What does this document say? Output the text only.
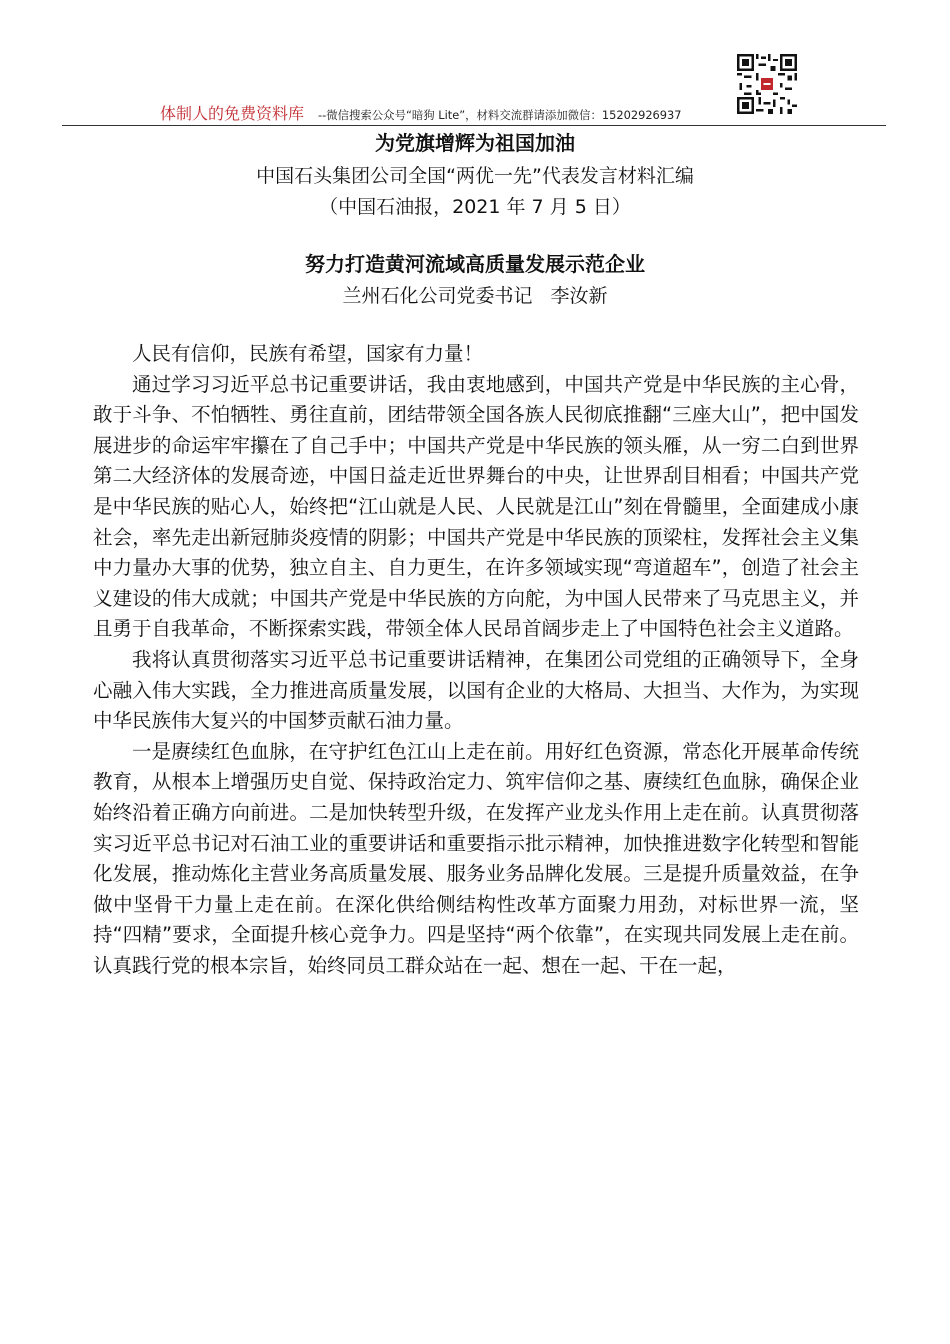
体制人的免费资料库 --微信搜索公众号“暗狗 Lite”，材料交流群请添加微信：15202926937
为党旗增辉为祖国加油
中国石头集团公司全国“两优一先”代表发言材料汇编
（中国石油报，2021 年 7 月 5 日）
努力打造黄河流域高质量发展示范企业
兰州石化公司党委书记   李汝新

人民有信仰，民族有希望，国家有力量！

通过学习习近平总书记重要讲话，我由衷地感到，中国共产党是中华民族的主心骨，敢于斗争、不怕牺牲、勇往直前，团结带领全国各族人民彻底推翻“三座大山”，把中国发展进步的命运牢牢攥在了自己手中；中国共产党是中华民族的领头雁，从一穷二白到世界第二大经济体的发展奇迹，中国日益走近世界舞台的中央，让世界刮目相看；中国共产党是中华民族的贴心人，始终把“江山就是人民、人民就是江山”刻在骨髓里，全面建成小康社会，率先走出新冠肺炎疫情的阴影；中国共产党是中华民族的顶梁柱，发挥社会主义集中力量办大事的优势，独立自主、自力更生，在许多领域实现“弯道超车”，创造了社会主义建设的伟大成就；中国共产党是中华民族的方向舵，为中国人民带来了马克思主义，并且勇于自我革命，不断探索实践，带领全体人民昂首阔步走上了中国特色社会主义道路。

我将认真贯彻落实习近平总书记重要讲话精神，在集团公司党组的正确领导下，全身心融入伟大实践，全力推进高质量发展，以国有企业的大格局、大担当、大作为，为实现中华民族伟大复兴的中国梦贡献石油力量。

一是赓续红色血脉，在守护红色江山上走在前。用好红色资源，常态化开展革命传统教育，从根本上增强历史自觉、保持政治定力、筑牢信仰之基、赓续红色血脉，确保企业始终沿着正确方向前进。二是加快转型升级，在发挥产业龙头作用上走在前。认真贯彻落实习近平总书记对石油工业的重要讲话和重要指示批示精神，加快推进数字化转型和智能化发展，推动炼化主营业务高质量发展、服务业务品牌化发展。三是提升质量效益，在争做中坚骨干力量上走在前。在深化供给侧结构性改革方面聚力用劲，对标世界一流，坚持“四精”要求，全面提升核心竞争力。四是坚持“两个依靠”，在实现共同发展上走在前。认真践行党的根本宗旨，始终同员工群众站在一起、想在一起、干在一起，
